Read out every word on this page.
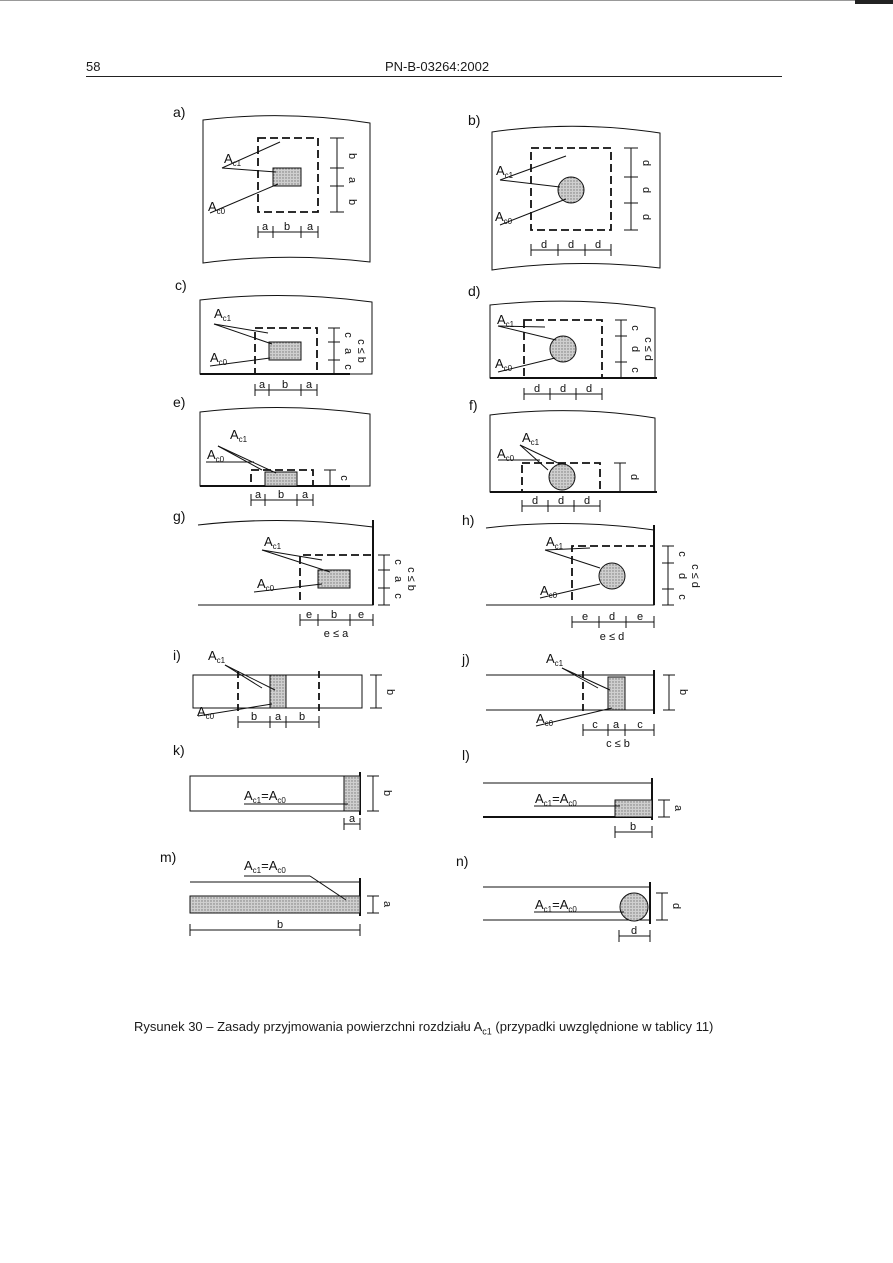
58	PN-B-03264:2002
a)	b)
c)	d)
e)	f)
g)	h)
i)	j)
k)	l)
m)	n)
$A_{c1}$
$A_{c0}$
$A_{c1}$
$A_{c0}$
$A_{c1}$
$A_{c0}$
$A_{c1}$
$A_{c0}$
$A_{c1}$
$A_{c0}$
$A_{c1}$
$A_{c0}$
$A_{c1}$
$A_{c0}$
$A_{c1}$
$A_{c0}$
$A_{c1}$
$A_{c0}$
$A_{c1}$
$A_{c0}$
$A_{c1}=A_{c0}$	$A_{c1}=A_{c0}$
$A_{c1}=A_{c0}$
$A_{c1}=A_{c0}$
a b a
b
a
b
d d d
d
d
d
a b a
c
a
c
c ≤ b
d d d
c
d
c
c ≤ d
a b a
c
d d d
d
e b e
e ≤ a
c
a
c
c ≤ b
e d e
e ≤ d
c
d
c
c ≤ d
b a b
b
c a c
c ≤ b
b
b
a
a
b
a
b
d
d
Rysunek 30 – Zasady przyjmowania powierzchni rozdziału $A_{c1}$ (przypadki uwzględnione w tablicy 11)
